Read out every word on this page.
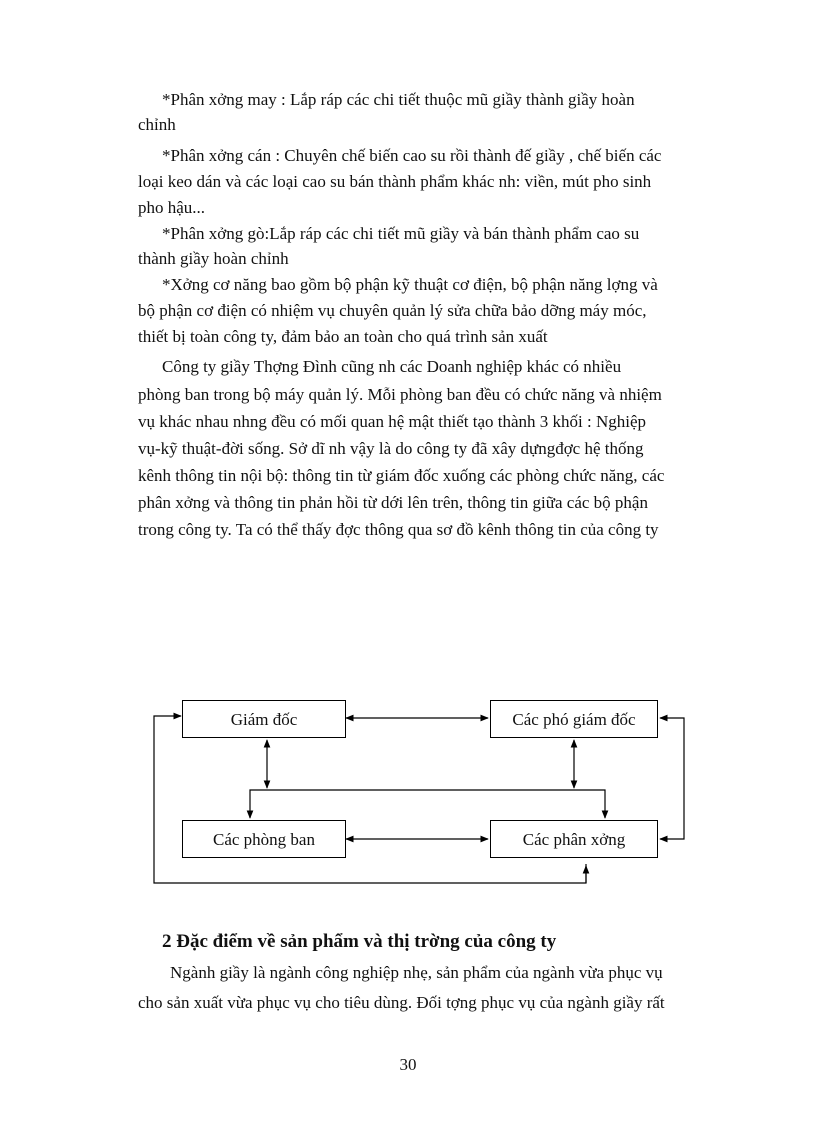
*Phân xởng may : Lắp ráp các chi tiết thuộc mũ giầy thành giầy hoàn
chỉnh
*Phân xởng cán : Chuyên chế biến cao su rồi thành đế giầy , chế biến các
loại keo dán và các loại cao su bán thành phẩm khác nh: viền, mút pho sinh
pho hậu...
*Phân xởng gò:Lắp ráp các chi tiết mũ giầy và bán thành phẩm cao su
thành giầy hoàn chỉnh
*Xởng cơ năng bao gồm bộ phận kỹ thuật cơ điện, bộ phận năng lợng và
bộ phận cơ điện có nhiệm vụ chuyên quản lý sửa chữa bảo dỡng máy móc,
thiết bị toàn công ty, đảm bảo an toàn cho quá trình sản xuất
Công ty giầy Thợng Đình cũng nh các Doanh nghiệp khác có nhiều
phòng ban trong bộ máy quản lý. Mỗi phòng ban đều có chức năng và nhiệm
vụ khác nhau nhng đều có mối quan hệ mật thiết tạo thành 3 khối : Nghiệp
vụ-kỹ thuật-đời sống. Sở dĩ nh vậy là do công ty đã xây dựngđợc hệ thống
kênh thông tin nội bộ: thông tin từ giám đốc xuống các phòng chức năng, các
phân xởng và thông tin phản hồi từ dới lên trên, thông tin giữa các bộ phận
trong công ty. Ta có thể thấy đợc thông qua sơ đồ kênh thông tin của công ty
Giám đốc	Các phó giám đốc
Các phòng ban	Các phân xởng
2 Đặc điểm về sản phẩm và thị trờng của công ty
Ngành giầy là ngành công nghiệp nhẹ, sản phẩm của ngành vừa phục vụ
cho sản xuất vừa phục vụ cho tiêu dùng. Đối tợng phục vụ của ngành giầy rất
30
